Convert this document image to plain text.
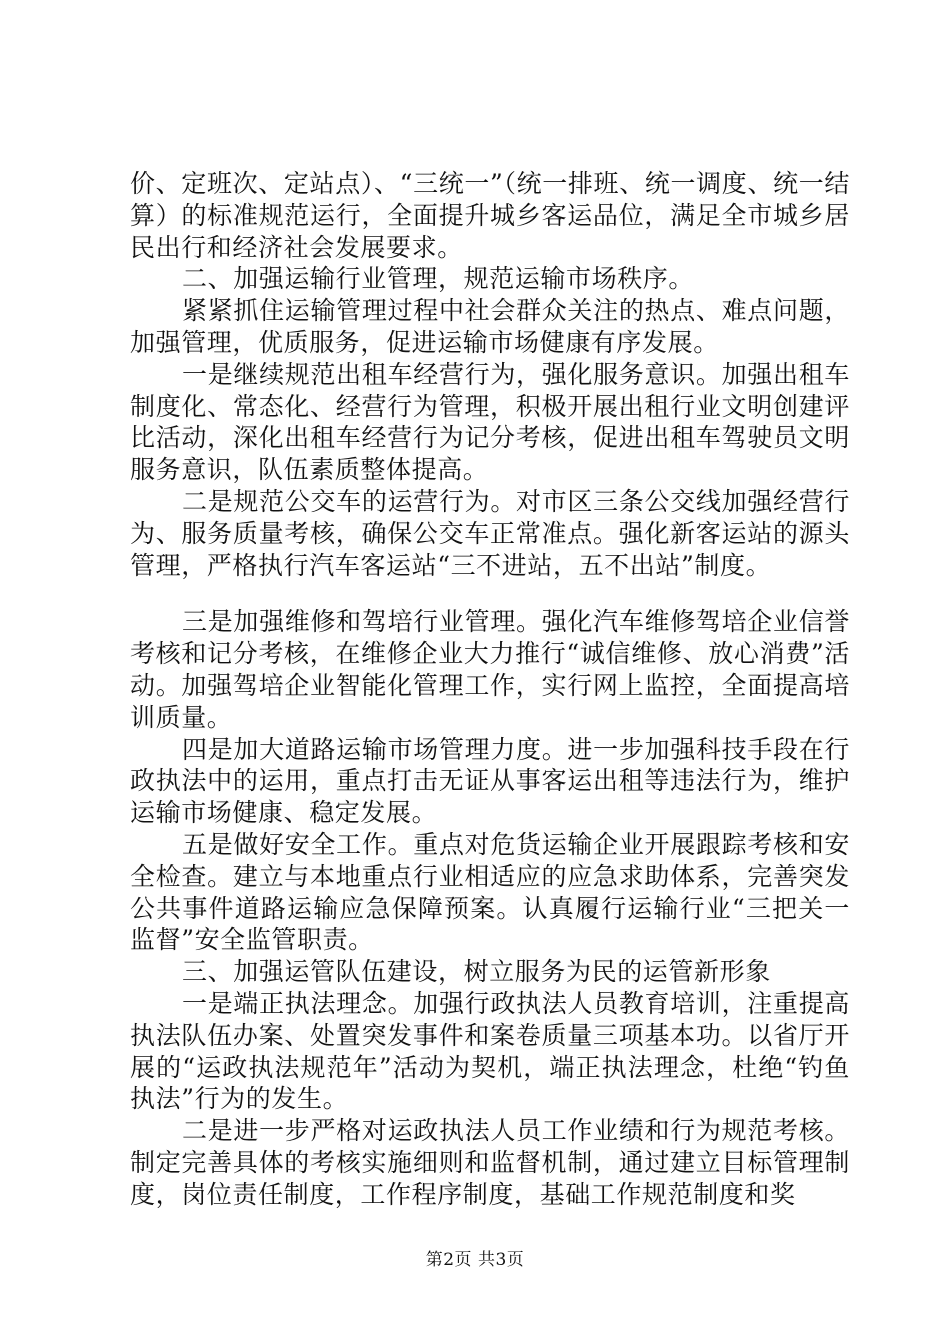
价、定班次、定站点）、“三统一”（统一排班、统一调度、统一结算）的标准规范运行，全面提升城乡客运品位，满足全市城乡居民出行和经济社会发展要求。

二、加强运输行业管理，规范运输市场秩序。

紧紧抓住运输管理过程中社会群众关注的热点、难点问题，加强管理，优质服务，促进运输市场健康有序发展。

一是继续规范出租车经营行为，强化服务意识。加强出租车制度化、常态化、经营行为管理，积极开展出租行业文明创建评比活动，深化出租车经营行为记分考核，促进出租车驾驶员文明服务意识，队伍素质整体提高。

二是规范公交车的运营行为。对市区三条公交线加强经营行为、服务质量考核，确保公交车正常准点。强化新客运站的源头管理，严格执行汽车客运站“三不进站，五不出站”制度。

三是加强维修和驾培行业管理。强化汽车维修驾培企业信誉考核和记分考核，在维修企业大力推行“诚信维修、放心消费”活动。加强驾培企业智能化管理工作，实行网上监控，全面提高培训质量。

四是加大道路运输市场管理力度。进一步加强科技手段在行政执法中的运用，重点打击无证从事客运出租等违法行为，维护运输市场健康、稳定发展。

五是做好安全工作。重点对危货运输企业开展跟踪考核和安全检查。建立与本地重点行业相适应的应急求助体系，完善突发公共事件道路运输应急保障预案。认真履行运输行业“三把关一监督”安全监管职责。

三、加强运管队伍建设，树立服务为民的运管新形象

一是端正执法理念。加强行政执法人员教育培训，注重提高执法队伍办案、处置突发事件和案卷质量三项基本功。以省厅开展的“运政执法规范年”活动为契机，端正执法理念，杜绝“钓鱼执法”行为的发生。

二是进一步严格对运政执法人员工作业绩和行为规范考核。制定完善具体的考核实施细则和监督机制，通过建立目标管理制度，岗位责任制度，工作程序制度，基础工作规范制度和奖

第2页 共3页
